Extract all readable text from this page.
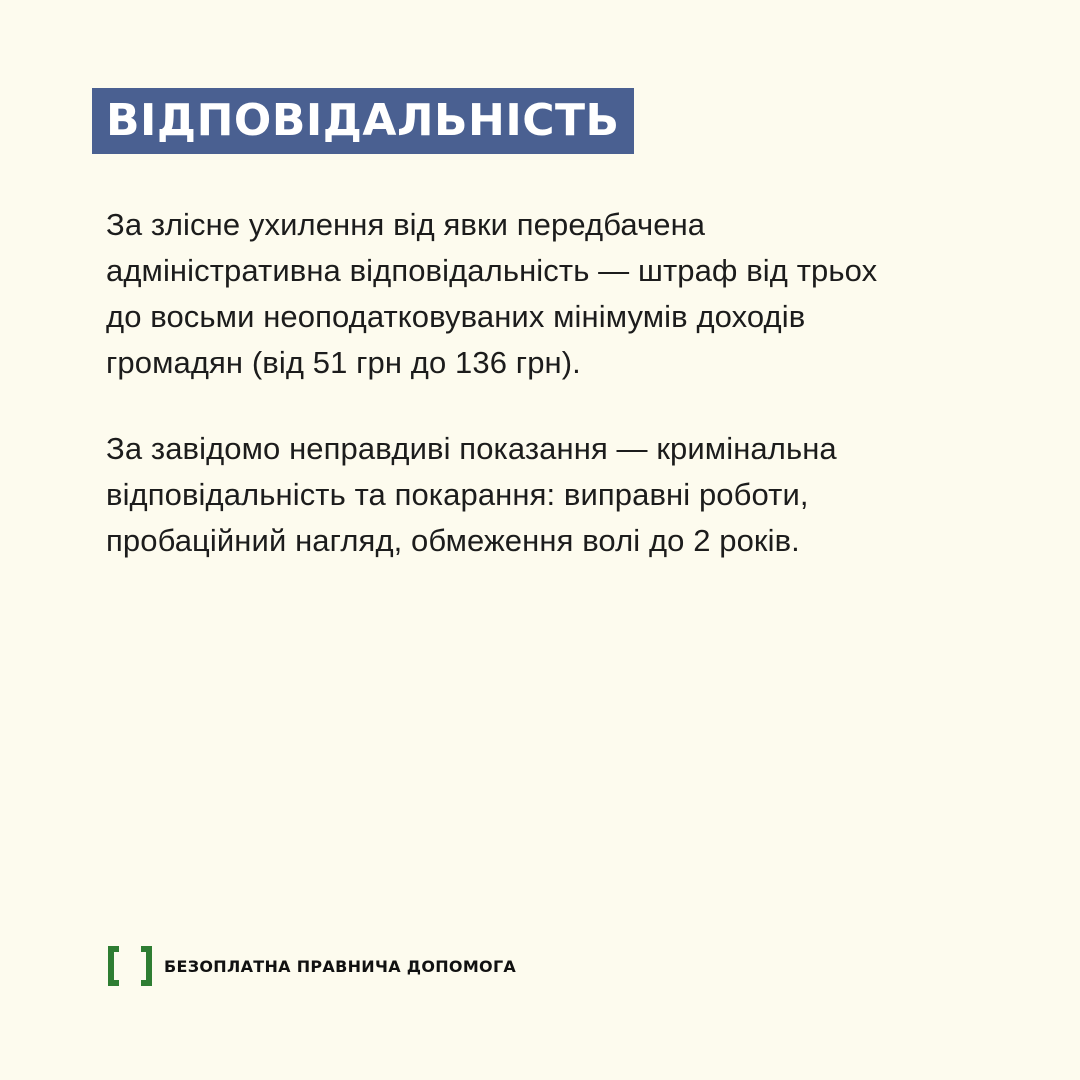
ВІДПОВІДАЛЬНІСТЬ

За злісне ухилення від явки передбачена
адміністративна відповідальність — штраф від трьох
до восьми неоподатковуваних мінімумів доходів
громадян (від 51 грн до 136 грн).

За завідомо неправдиві показання — кримінальна
відповідальність та покарання: виправні роботи,
пробаційний нагляд, обмеження волі до 2 років.

БЕЗОПЛАТНА ПРАВНИЧА ДОПОМОГА
